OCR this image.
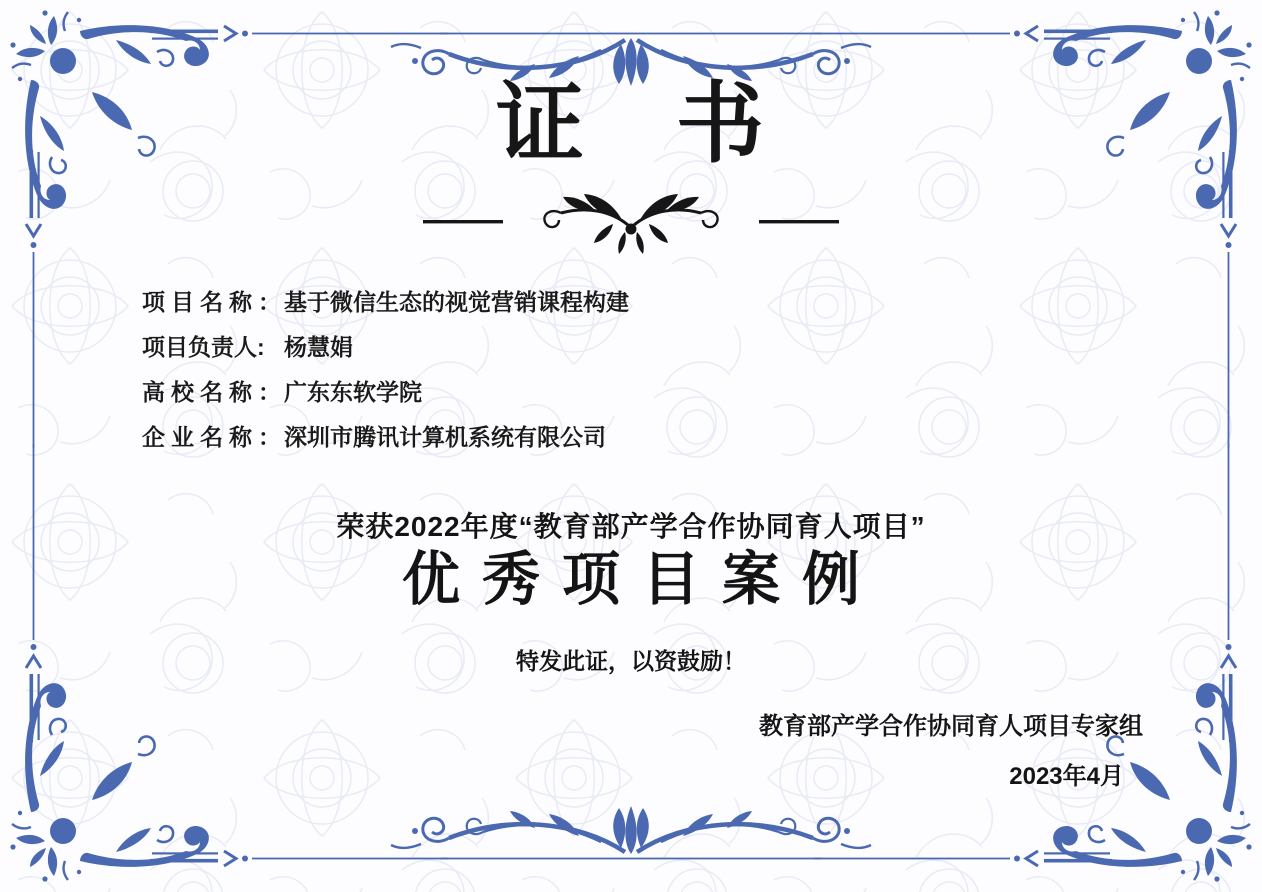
证　书
项目名称：
基于微信生态的视觉营销课程构建
项目负责人: 杨慧娟
高校名称：
广东东软学院
企业名称：
深圳市腾讯计算机系统有限公司
荣获2022年度“教育部产学合作协同育人项目”
优秀项目案例
特发此证，以资鼓励！
教育部产学合作协同育人项目专家组
2023年4月
